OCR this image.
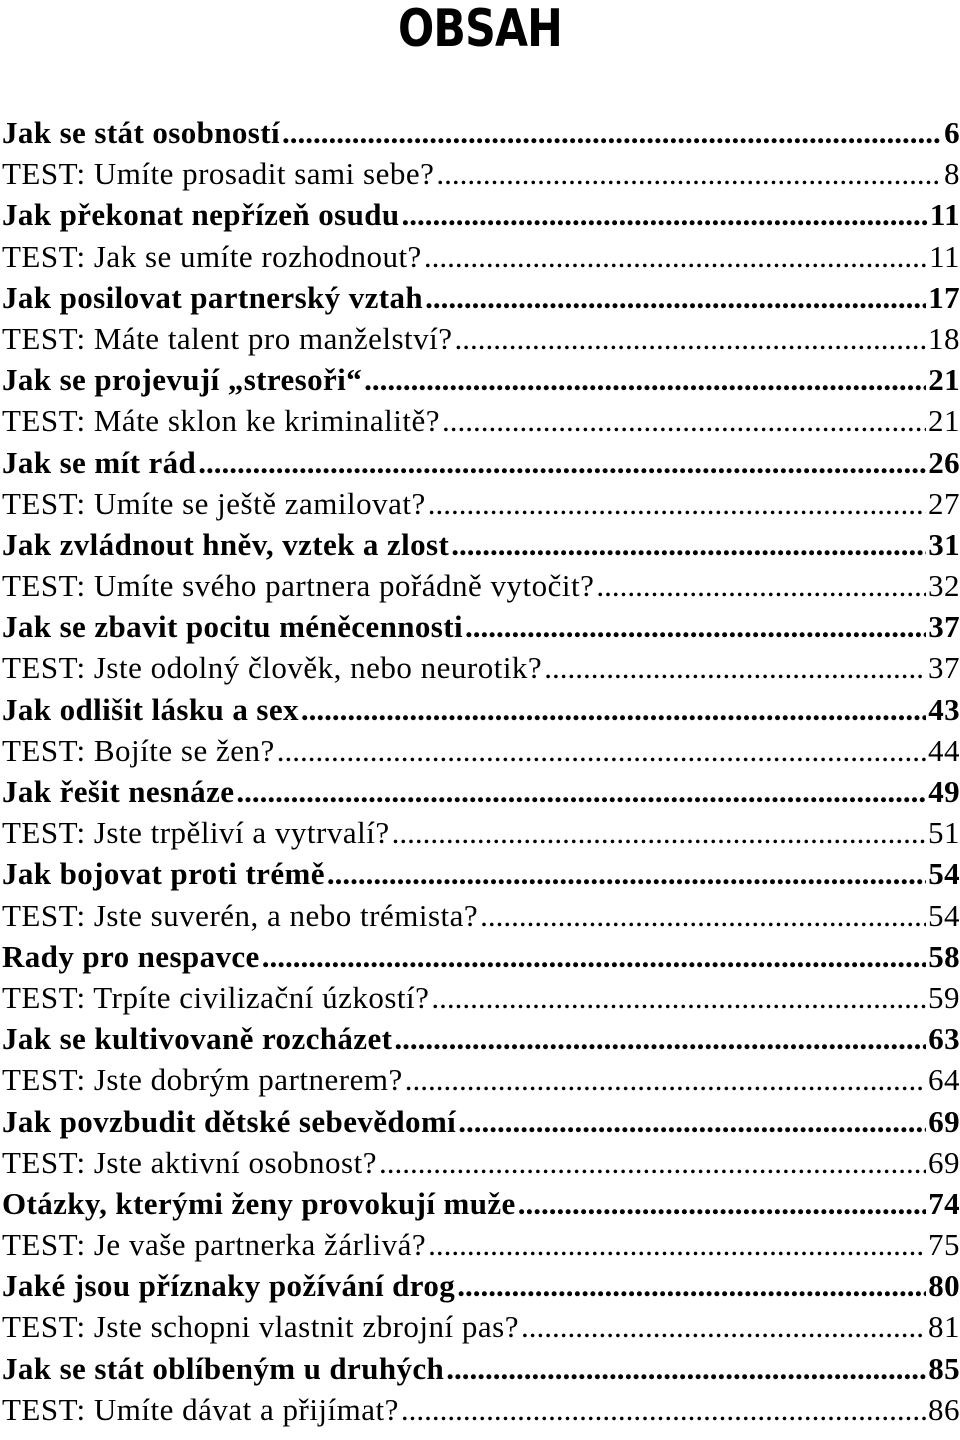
OBSAH
Jak se stát osobností .....	6
TEST: Umíte prosadit sami sebe? .....	8
Jak překonat nepřízeň osudu .....	11
TEST: Jak se umíte rozhodnout? .....	11
Jak posilovat partnerský vztah .....	17
TEST: Máte talent pro manželství? .....	18
Jak se projevují „stresoři“ .....	21
TEST: Máte sklon ke kriminalitě? .....	21
Jak se mít rád .....	26
TEST: Umíte se ještě zamilovat? .....	27
Jak zvládnout hněv, vztek a zlost .....	31
TEST: Umíte svého partnera pořádně vytočit? .....	32
Jak se zbavit pocitu méněcennosti .....	37
TEST: Jste odolný člověk, nebo neurotik? .....	37
Jak odlišit lásku a sex .....	43
TEST: Bojíte se žen? .....	44
Jak řešit nesnáze .....	49
TEST: Jste trpěliví a vytrvalí? .....	51
Jak bojovat proti trémě .....	54
TEST: Jste suverén, a nebo trémista? .....	54
Rady pro nespavce .....	58
TEST: Trpíte civilizační úzkostí? .....	59
Jak se kultivovaně rozcházet .....	63
TEST: Jste dobrým partnerem? .....	64
Jak povzbudit dětské sebevědomí .....	69
TEST: Jste aktivní osobnost? .....	69
Otázky, kterými ženy provokují muže .....	74
TEST: Je vaše partnerka žárlivá? .....	75
Jaké jsou příznaky požívání drog .....	80
TEST: Jste schopni vlastnit zbrojní pas? .....	81
Jak se stát oblíbeným u druhých .....	85
TEST: Umíte dávat a přijímat? .....	86
